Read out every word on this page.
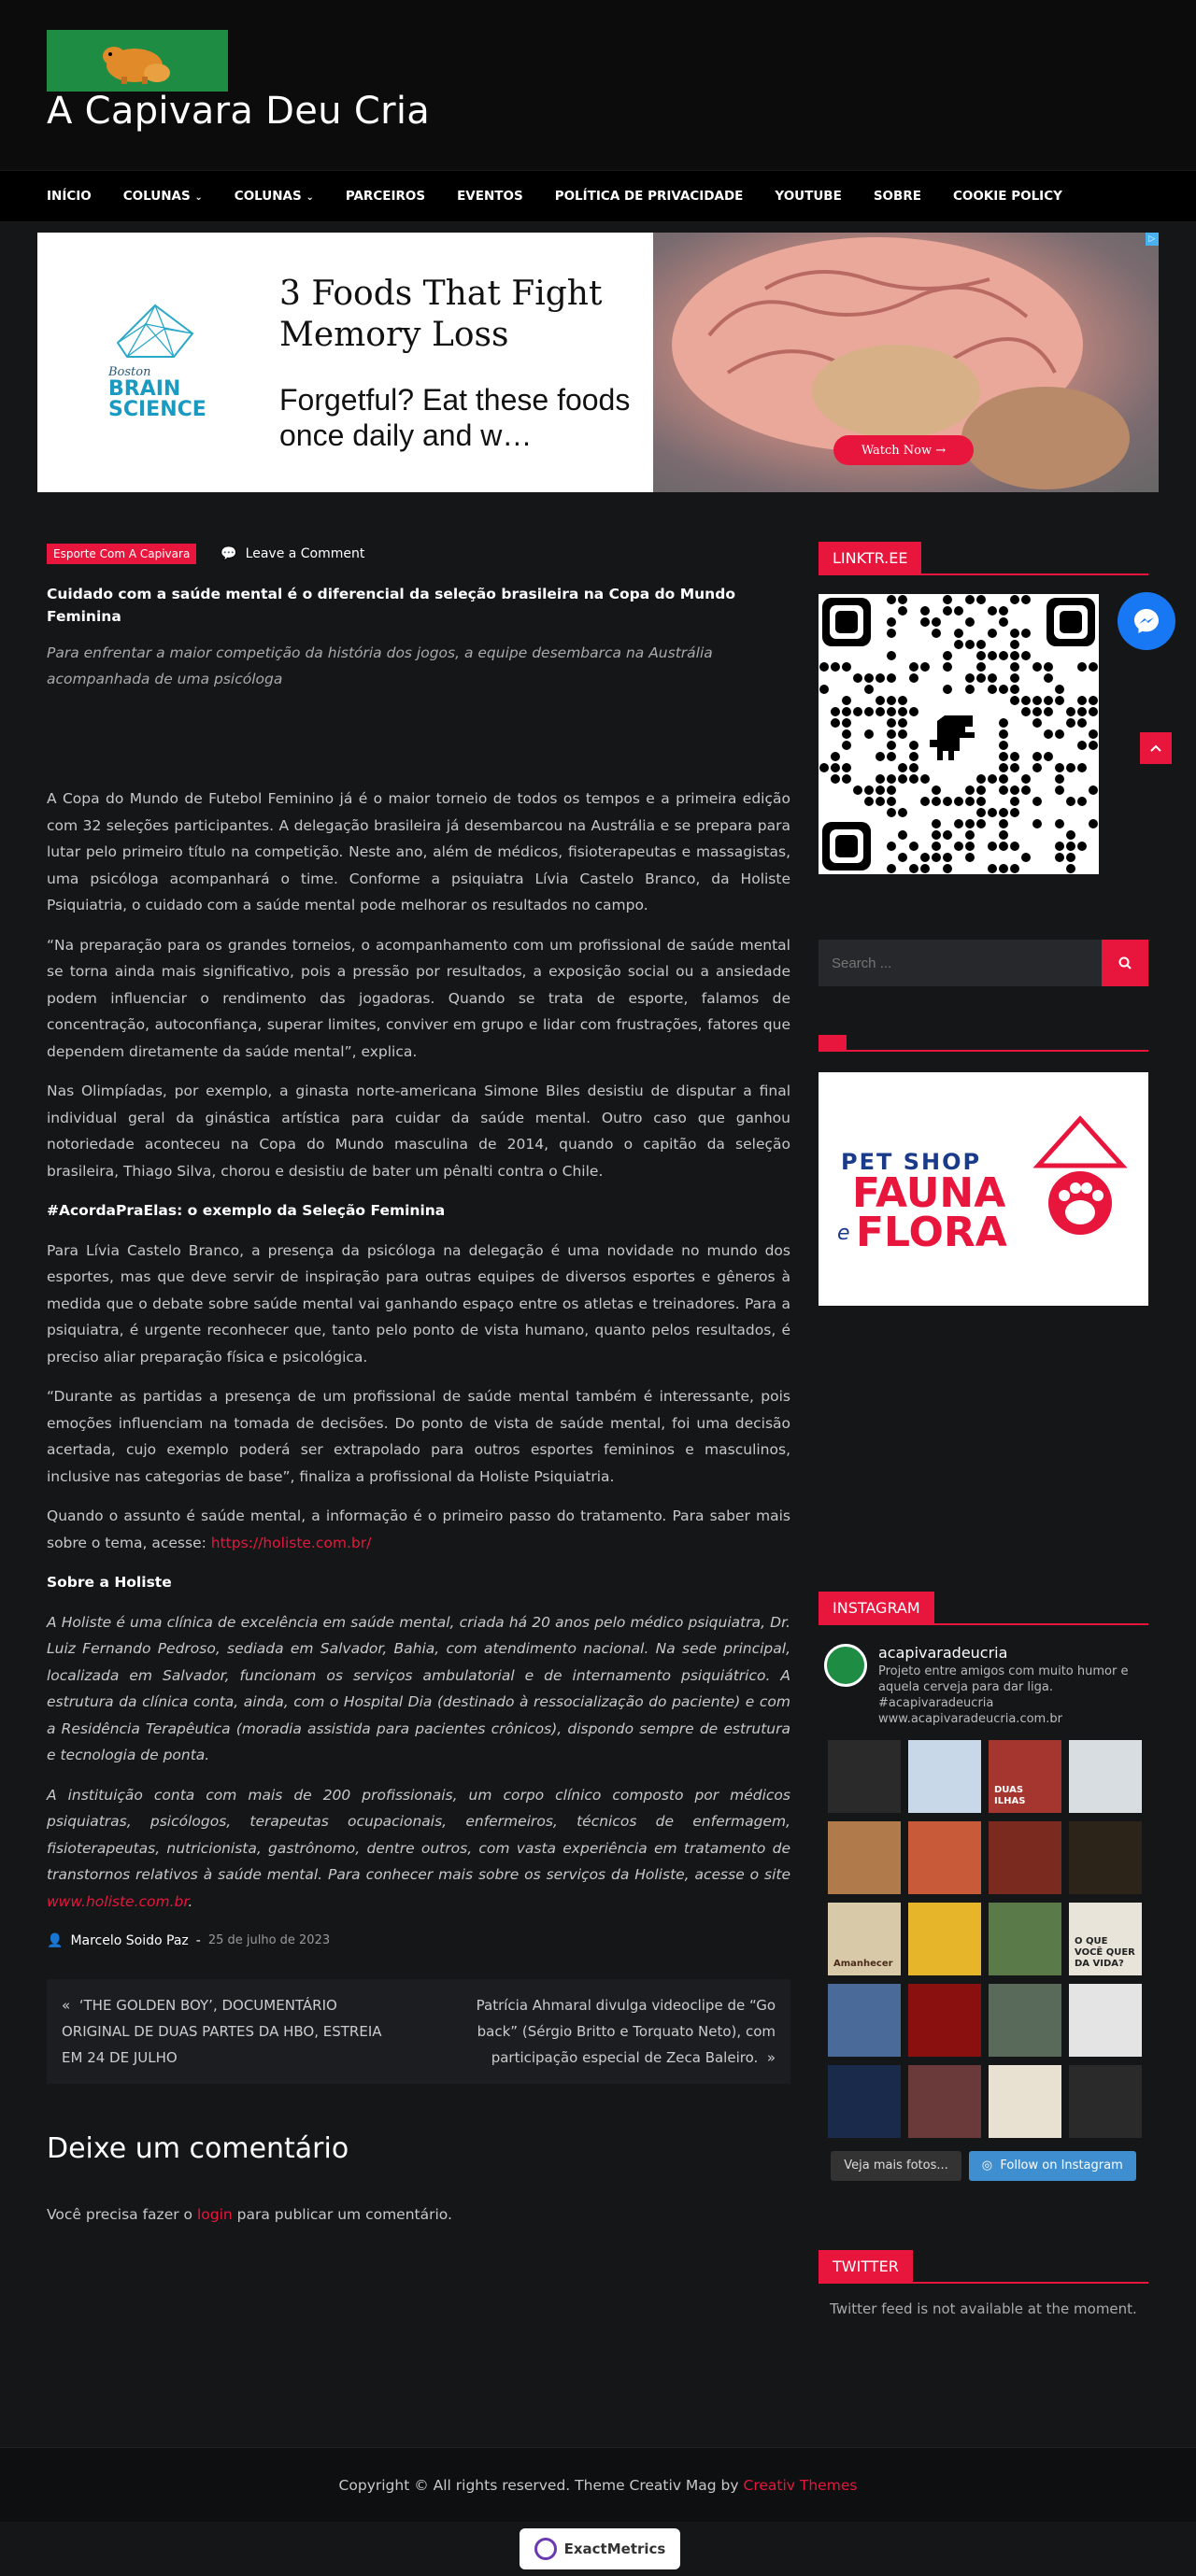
A Capivara Deu Cria
INÍCIO	COLUNAS ⌄	COLUNAS ⌄	PARCEIROS	EVENTOS	POLÍTICA DE PRIVACIDADE	YOUTUBE	SOBRE	COOKIE POLICY
Boston
BRAIN
SCIENCE
3 Foods That Fight Memory Loss
Forgetful? Eat these foods once daily and w…	Watch Now →
▷
Esporte Com A Capivara	💬 Leave a Comment
Cuidado com a saúde mental é o diferencial da seleção brasileira na Copa do Mundo Feminina
Para enfrentar a maior competição da história dos jogos, a equipe desembarca na Austrália acompanhada de uma psicóloga

A Copa do Mundo de Futebol Feminino já é o maior torneio de todos os tempos e a primeira edição com 32 seleções participantes. A delegação brasileira já desembarcou na Austrália e se prepara para lutar pelo primeiro título na competição. Neste ano, além de médicos, fisioterapeutas e massagistas, uma psicóloga acompanhará o time. Conforme a psiquiatra Lívia Castelo Branco, da Holiste Psiquiatria, o cuidado com a saúde mental pode melhorar os resultados no campo.

“Na preparação para os grandes torneios, o acompanhamento com um profissional de saúde mental se torna ainda mais significativo, pois a pressão por resultados, a exposição social ou a ansiedade podem influenciar o rendimento das jogadoras. Quando se trata de esporte, falamos de concentração, autoconfiança, superar limites, conviver em grupo e lidar com frustrações, fatores que dependem diretamente da saúde mental”, explica.

Nas Olimpíadas, por exemplo, a ginasta norte-americana Simone Biles desistiu de disputar a final individual geral da ginástica artística para cuidar da saúde mental. Outro caso que ganhou notoriedade aconteceu na Copa do Mundo masculina de 2014, quando o capitão da seleção brasileira, Thiago Silva, chorou e desistiu de bater um pênalti contra o Chile.

#AcordaPraElas: o exemplo da Seleção Feminina

Para Lívia Castelo Branco, a presença da psicóloga na delegação é uma novidade no mundo dos esportes, mas que deve servir de inspiração para outras equipes de diversos esportes e gêneros à medida que o debate sobre saúde mental vai ganhando espaço entre os atletas e treinadores. Para a psiquiatra, é urgente reconhecer que, tanto pelo ponto de vista humano, quanto pelos resultados, é preciso aliar preparação física e psicológica.

“Durante as partidas a presença de um profissional de saúde mental também é interessante, pois emoções influenciam na tomada de decisões. Do ponto de vista de saúde mental, foi uma decisão acertada, cujo exemplo poderá ser extrapolado para outros esportes femininos e masculinos, inclusive nas categorias de base”, finaliza a profissional da Holiste Psiquiatria.

Quando o assunto é saúde mental, a informação é o primeiro passo do tratamento. Para saber mais sobre o tema, acesse: https://holiste.com.br/

Sobre a Holiste

A Holiste é uma clínica de excelência em saúde mental, criada há 20 anos pelo médico psiquiatra, Dr. Luiz Fernando Pedroso, sediada em Salvador, Bahia, com atendimento nacional. Na sede principal, localizada em Salvador, funcionam os serviços ambulatorial e de internamento psiquiátrico. A estrutura da clínica conta, ainda, com o Hospital Dia (destinado à ressocialização do paciente) e com a Residência Terapêutica (moradia assistida para pacientes crônicos), dispondo sempre de estrutura e tecnologia de ponta.

A instituição conta com mais de 200 profissionais, um corpo clínico composto por médicos psiquiatras, psicólogos, terapeutas ocupacionais, enfermeiros, técnicos de enfermagem, fisioterapeutas, nutricionista, gastrônomo, dentre outros, com vasta experiência em tratamento de transtornos relativos à saúde mental. Para conhecer mais sobre os serviços da Holiste, acesse o site www.holiste.com.br.

👤 Marcelo Soido Paz - 25 de julho de 2023
« ‘THE GOLDEN BOY’, DOCUMENTÁRIO ORIGINAL DE DUAS PARTES DA HBO, ESTREIA EM 24 DE JULHO
Patrícia Ahmaral divulga videoclipe de “Go back” (Sérgio Britto e Torquato Neto), com participação especial de Zeca Baleiro. »
Deixe um comentário
Você precisa fazer o login para publicar um comentário.
LINKTR.EE
Search ...
PET SHOP
FAUNA
e FLORA
INSTAGRAM
acapivaradeucria
Projeto entre amigos com muito humor e aquela cerveja para dar liga. #acapivaradeucria www.acapivaradeucria.com.br
DUAS ILHAS
Amanhecer
O QUE VOCÊ QUER DA VIDA?
Veja mais fotos...	◎ Follow on Instagram
TWITTER
Twitter feed is not available at the moment.
Copyright © All rights reserved. Theme Creativ Mag by
Creativ Themes
ExactMetrics
